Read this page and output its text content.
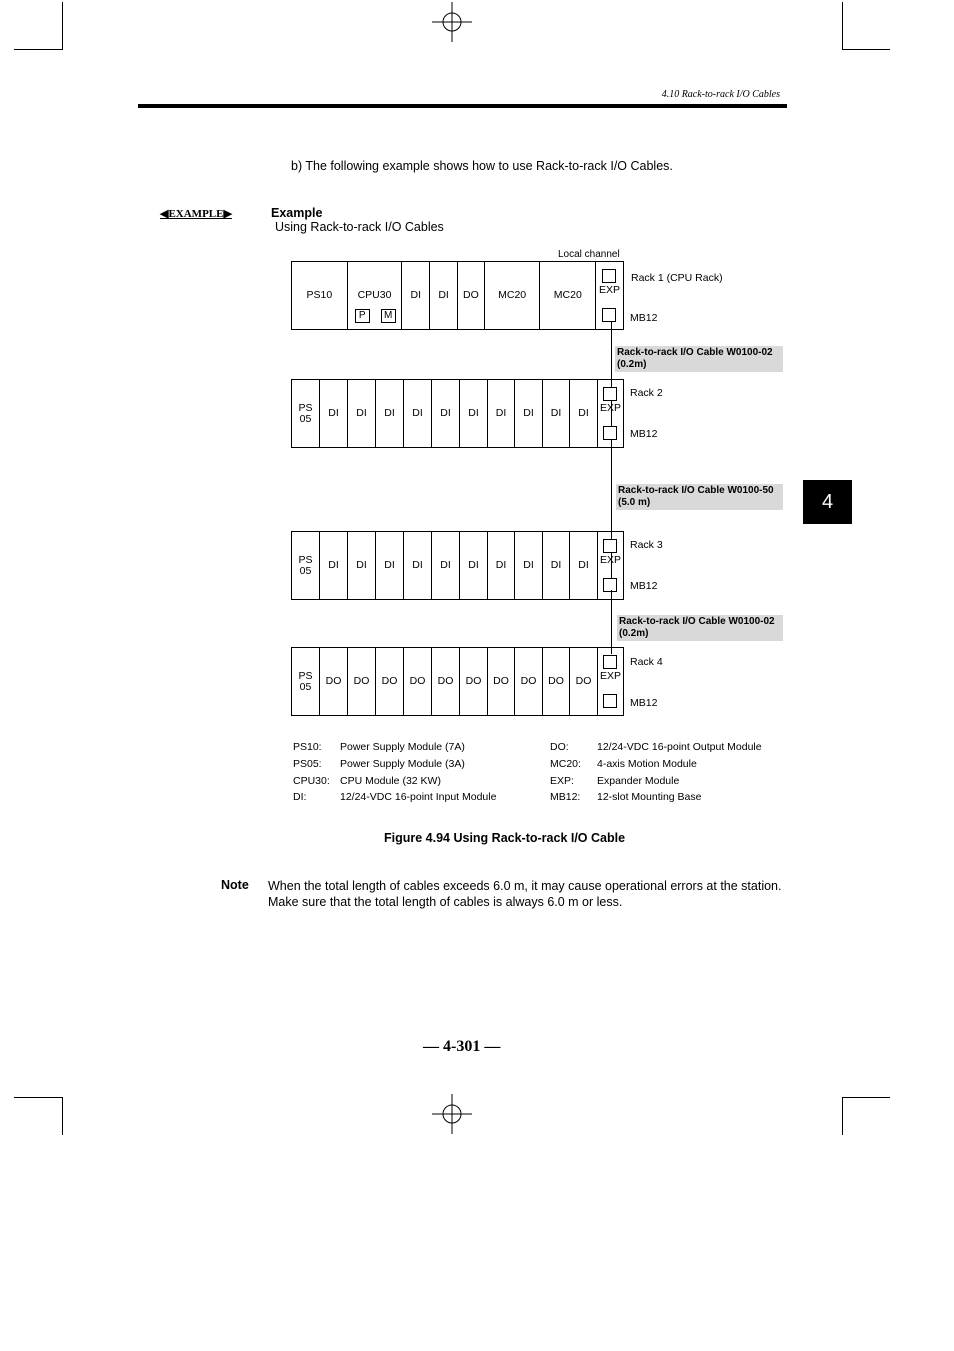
4.10 Rack-to-rack I/O Cables
b) The following example shows how to use Rack-to-rack I/O Cables.
◀EXAMPLE▶	Example
Using Rack-to-rack I/O Cables
Local channel
PS10 CPU30
P	M
DI DI DO MC20	MC20 EXP
Rack 1 (CPU Rack)
MB12
Rack-to-rack I/O Cable W0100-02
(0.2m)
PS 05	DI DI DI DI DI DI DI DI DI DI EXP
Rack 2
MB12
Rack-to-rack I/O Cable W0100-50
(5.0 m)
PS 05	DI DI DI DI DI DI DI DI DI DI EXP
Rack 3
MB12
Rack-to-rack I/O Cable W0100-02
(0.2m)
PS 05	DO DO DO DO DO DO DO DO DO DO EXP
Rack 4
MB12
PS10: Power Supply Module (7A)
PS05: Power Supply Module (3A)
CPU30: CPU Module (32 KW)
DI:	12/24-VDC 16-point Input Module
DO:	12/24-VDC 16-point Output Module
MC20: 4-axis Motion Module
EXP: Expander Module
MB12: 12-slot Mounting Base
Figure 4.94 Using Rack-to-rack I/O Cable
Note When the total length of cables exceeds 6.0 m, it may cause operational errors at the station.
Make sure that the total length of cables is always 6.0 m or less.
— 4-301 —
4
